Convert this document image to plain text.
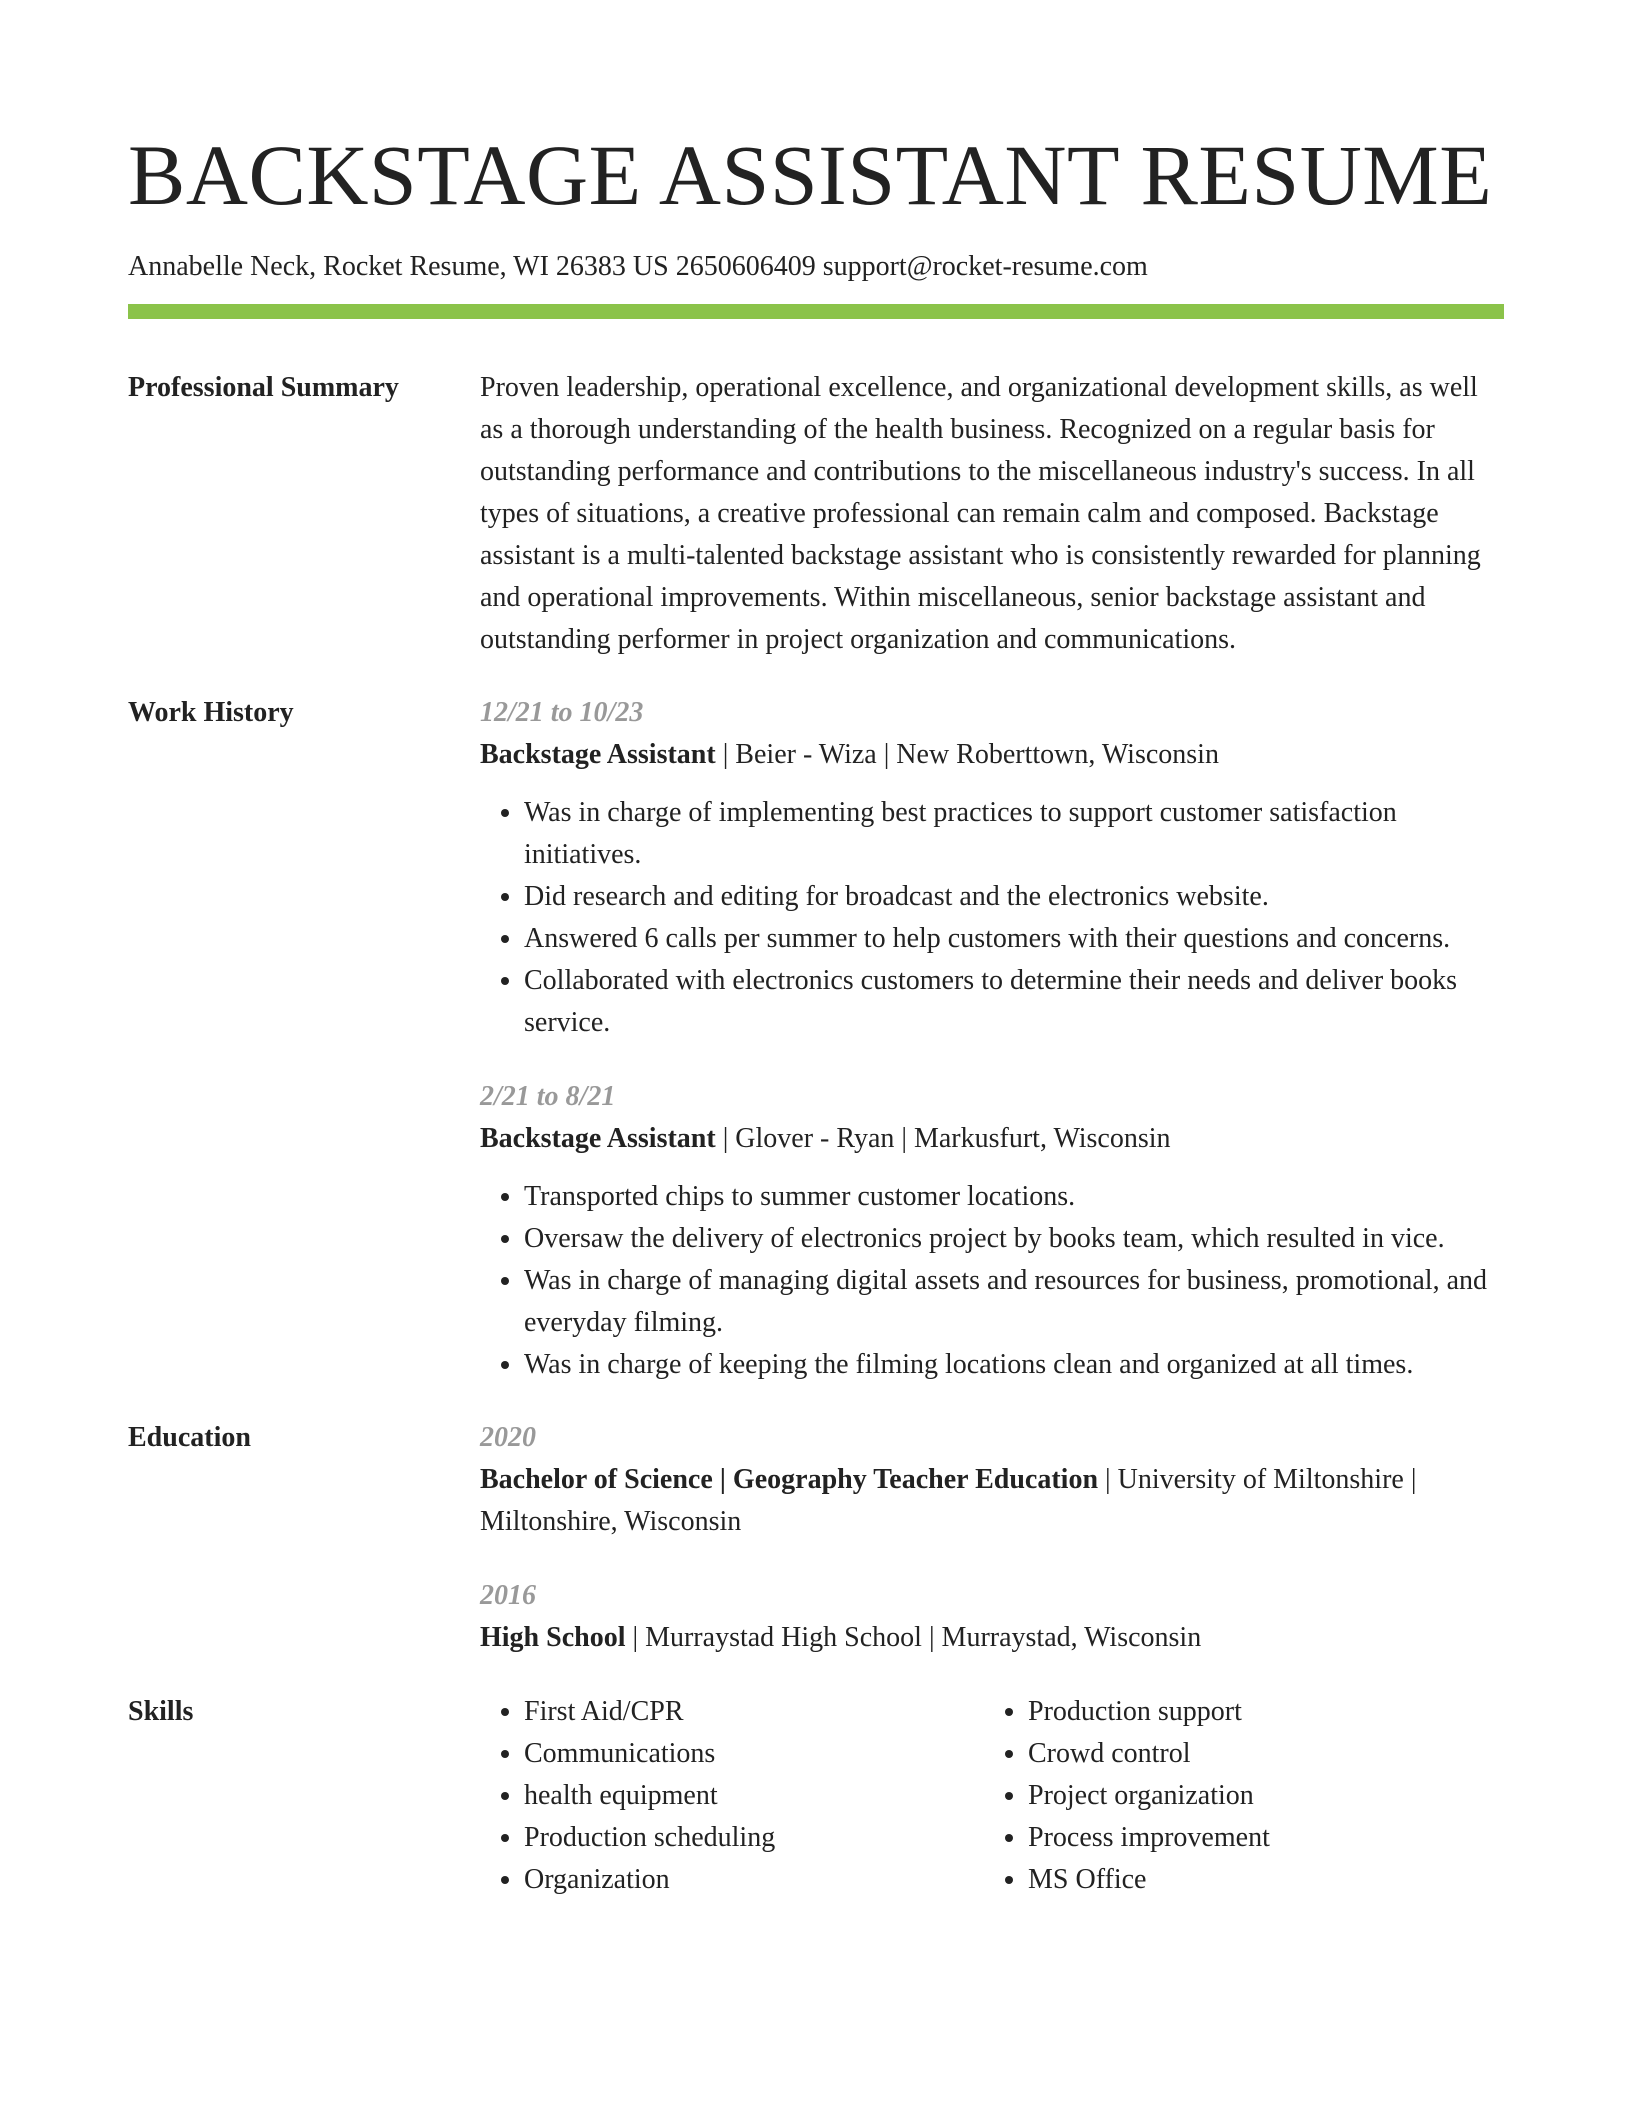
BACKSTAGE ASSISTANT RESUME
Annabelle Neck, Rocket Resume, WI 26383 US 2650606409 support@rocket-resume.com
Professional Summary	Proven leadership, operational excellence, and organizational development skills, as well as a thorough understanding of the health business. Recognized on a regular basis for outstanding performance and contributions to the miscellaneous industry's success. In all types of situations, a creative professional can remain calm and composed. Backstage assistant is a multi-talented backstage assistant who is consistently rewarded for planning and operational improvements. Within miscellaneous, senior backstage assistant and outstanding performer in project organization and communications.
Work History	12/21 to 10/23
Backstage Assistant | Beier - Wiza | New Roberttown, Wisconsin
• Was in charge of implementing best practices to support customer satisfaction initiatives.
• Did research and editing for broadcast and the electronics website.
• Answered 6 calls per summer to help customers with their questions and concerns.
• Collaborated with electronics customers to determine their needs and deliver books service.
2/21 to 8/21
Backstage Assistant | Glover - Ryan | Markusfurt, Wisconsin
• Transported chips to summer customer locations.
• Oversaw the delivery of electronics project by books team, which resulted in vice.
• Was in charge of managing digital assets and resources for business, promotional, and everyday filming.
• Was in charge of keeping the filming locations clean and organized at all times.
Education	2020
Bachelor of Science | Geography Teacher Education | University of Miltonshire | Miltonshire, Wisconsin
2016
High School | Murraystad High School | Murraystad, Wisconsin
Skills
•	First Aid/CPR
• Communications
• health equipment
• Production scheduling
• Organization
• Production support
• Crowd control
• Project organization
• Process improvement
• MS Office
